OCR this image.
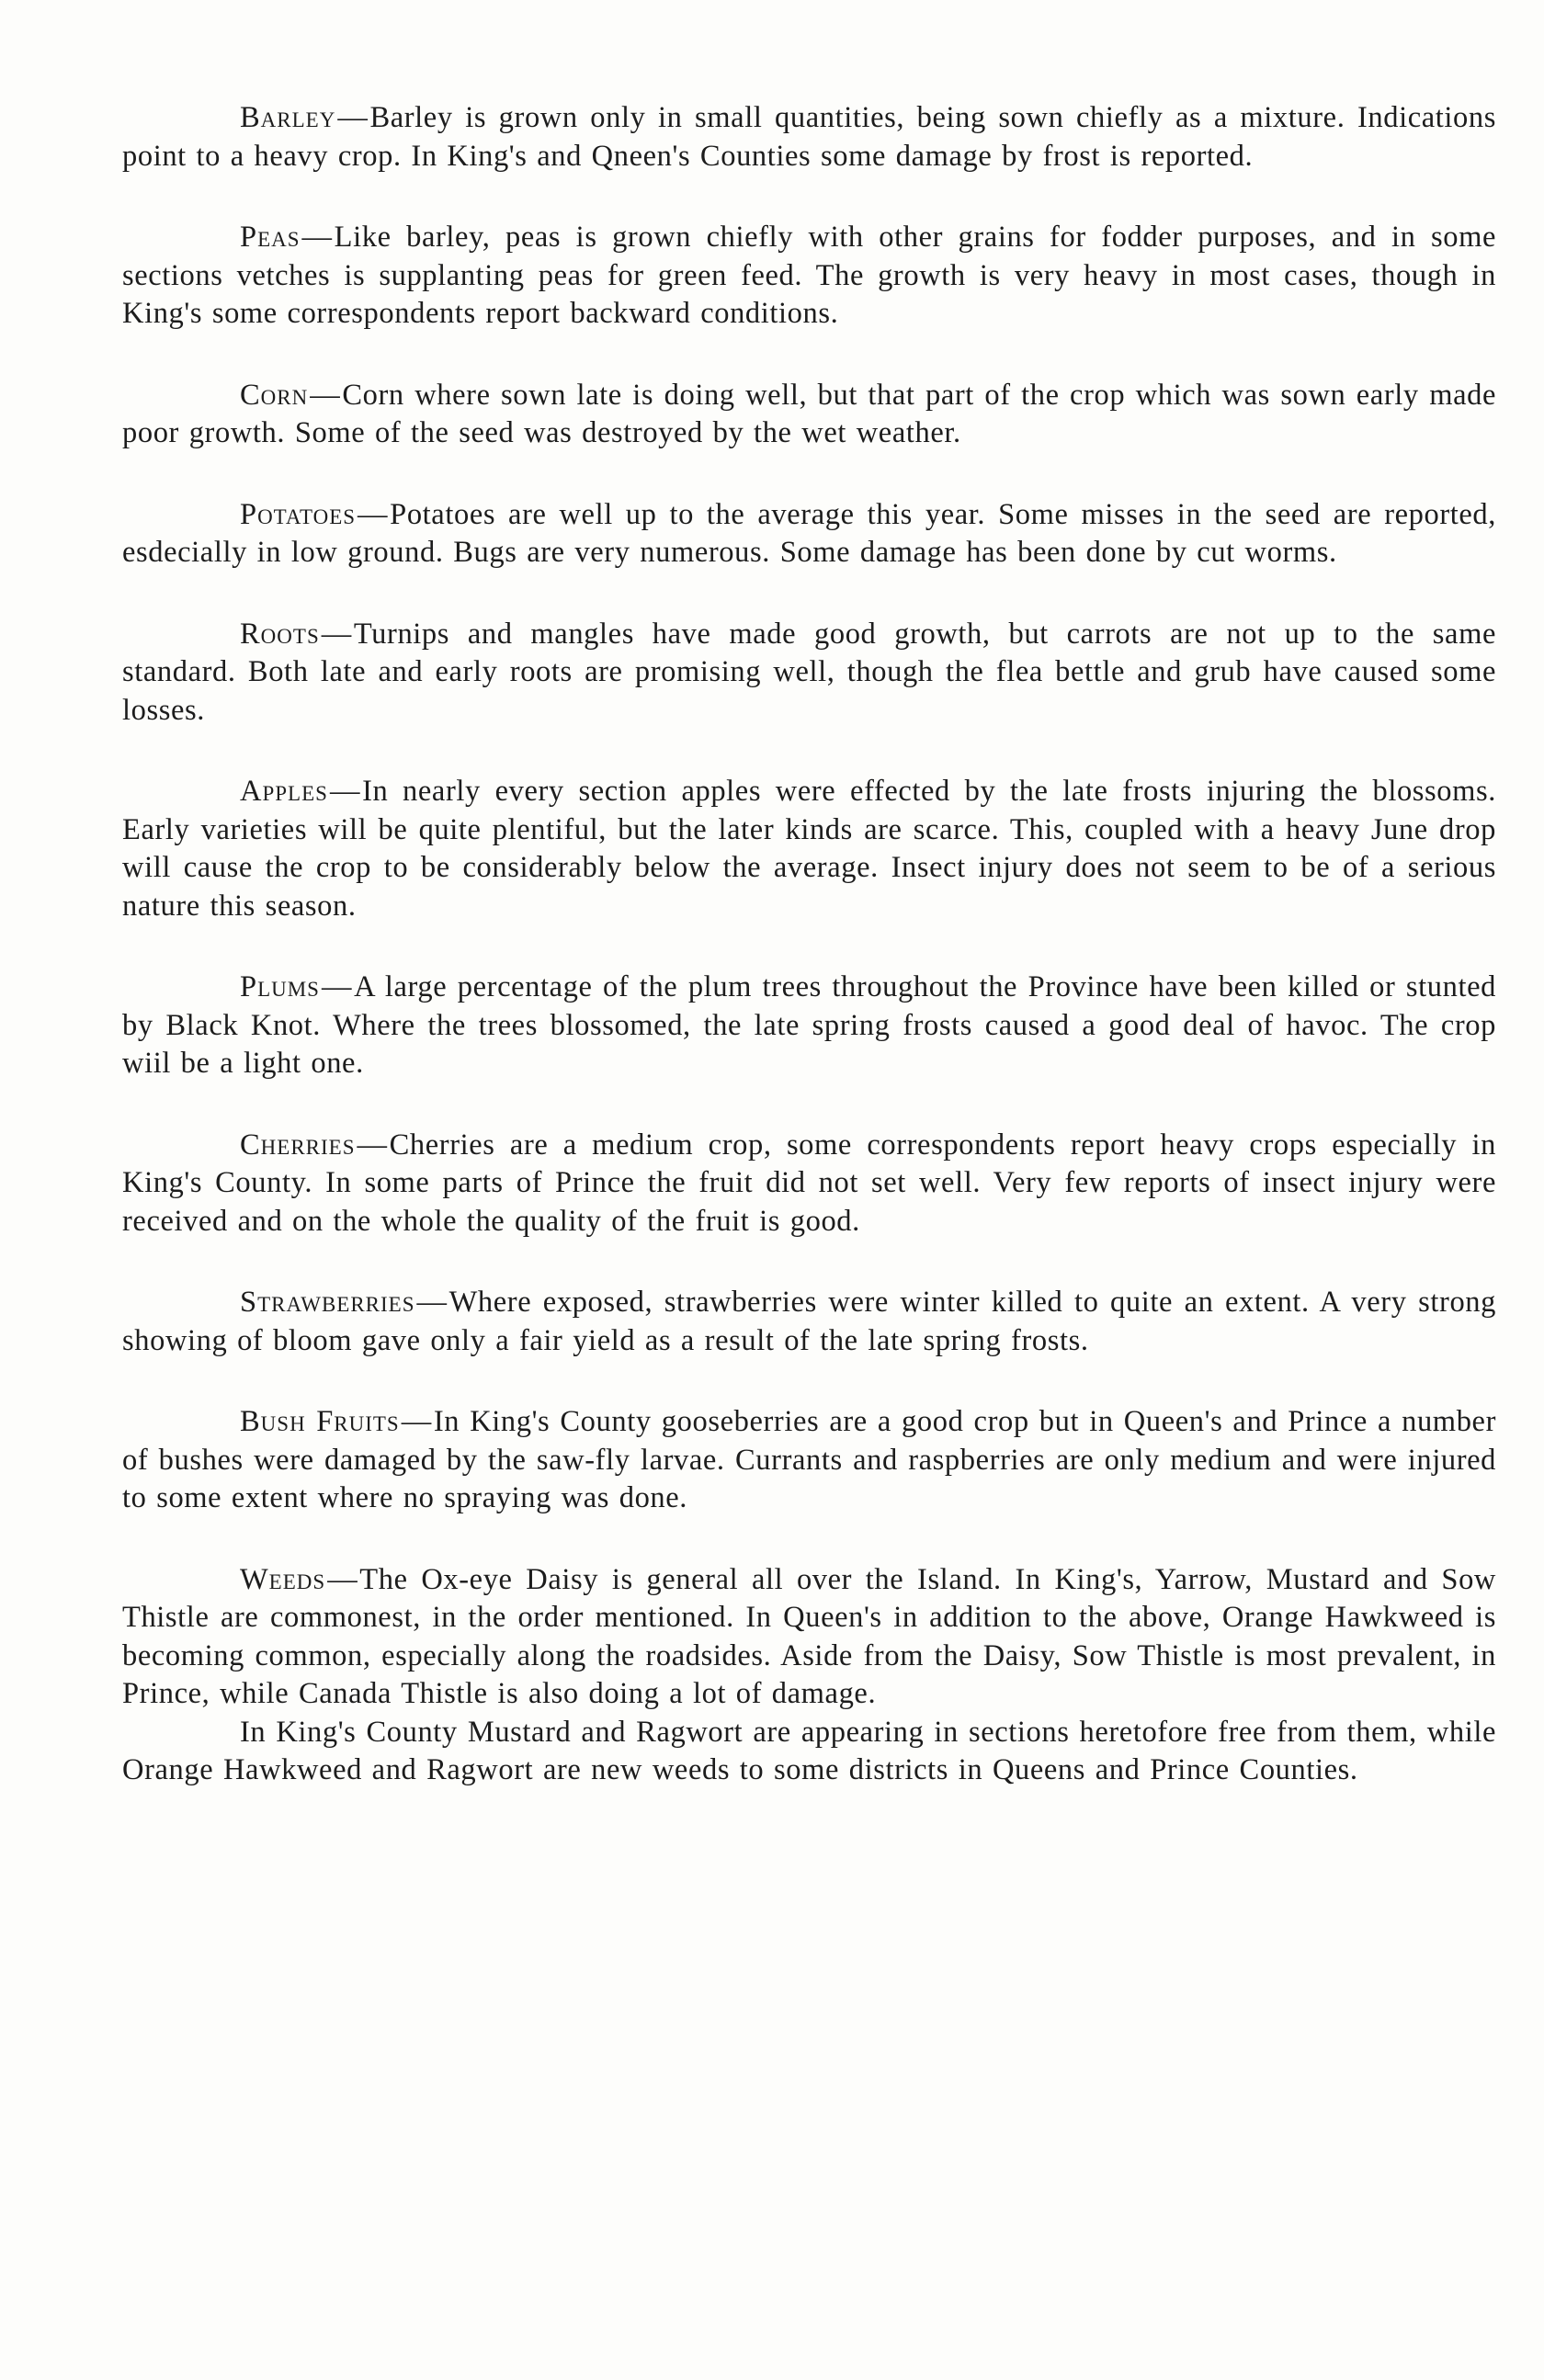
Barley—Barley is grown only in small quantities, being sown chiefly as a mixture. Indications point to a heavy crop. In King's and Qneen's Counties some damage by frost is reported.

Peas—Like barley, peas is grown chiefly with other grains for fodder purposes, and in some sections vetches is supplanting peas for green feed. The growth is very heavy in most cases, though in King's some correspondents report backward conditions.

Corn—Corn where sown late is doing well, but that part of the crop which was sown early made poor growth. Some of the seed was destroyed by the wet weather.

Potatoes—Potatoes are well up to the average this year. Some misses in the seed are reported, esdecially in low ground. Bugs are very numerous. Some damage has been done by cut worms.

Roots—Turnips and mangles have made good growth, but carrots are not up to the same standard. Both late and early roots are promising well, though the flea bettle and grub have caused some losses.

Apples—In nearly every section apples were effected by the late frosts injuring the blossoms. Early varieties will be quite plentiful, but the later kinds are scarce. This, coupled with a heavy June drop will cause the crop to be considerably below the average. Insect injury does not seem to be of a serious nature this season.

Plums—A large percentage of the plum trees throughout the Province have been killed or stunted by Black Knot. Where the trees blossomed, the late spring frosts caused a good deal of havoc. The crop wiil be a light one.

Cherries—Cherries are a medium crop, some correspondents report heavy crops especially in King's County. In some parts of Prince the fruit did not set well. Very few reports of insect injury were received and on the whole the quality of the fruit is good.

Strawberries—Where exposed, strawberries were winter killed to quite an extent. A very strong showing of bloom gave only a fair yield as a result of the late spring frosts.

Bush Fruits—In King's County gooseberries are a good crop but in Queen's and Prince a number of bushes were damaged by the saw-fly larvae. Currants and raspberries are only medium and were injured to some extent where no spraying was done.

Weeds—The Ox-eye Daisy is general all over the Island. In King's, Yarrow, Mustard and Sow Thistle are commonest, in the order mentioned. In Queen's in addition to the above, Orange Hawkweed is becoming common, especially along the roadsides. Aside from the Daisy, Sow Thistle is most prevalent, in Prince, while Canada Thistle is also doing a lot of damage.

In King's County Mustard and Ragwort are appearing in sections heretofore free from them, while Orange Hawkweed and Ragwort are new weeds to some districts in Queens and Prince Counties.
